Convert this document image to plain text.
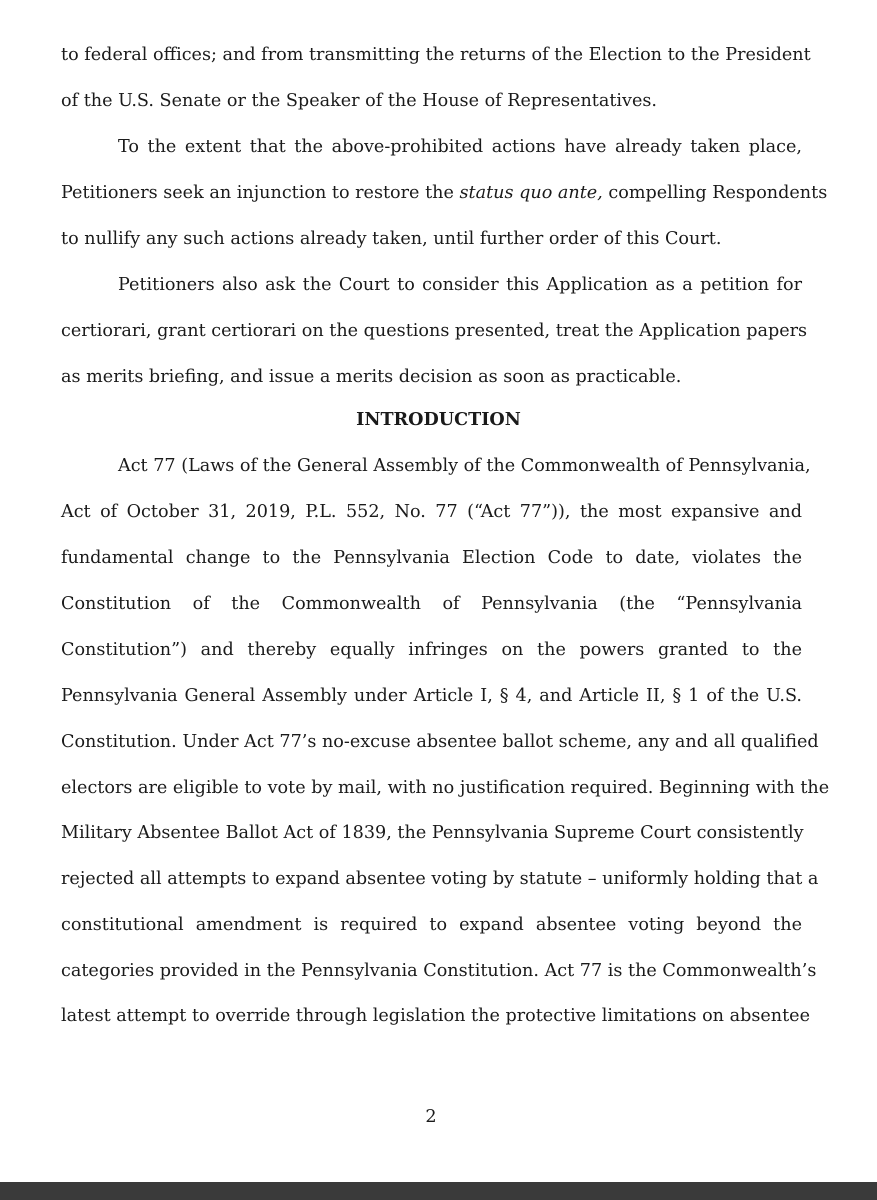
to federal offices; and from transmitting the returns of the Election to the President
of the U.S. Senate or the Speaker of the House of Representatives.
To the extent that the above-prohibited actions have already taken place,
Petitioners seek an injunction to restore the status quo ante, compelling Respondents
to nullify any such actions already taken, until further order of this Court.
Petitioners also ask the Court to consider this Application as a petition for
certiorari, grant certiorari on the questions presented, treat the Application papers
as merits briefing, and issue a merits decision as soon as practicable.
INTRODUCTION
Act 77 (Laws of the General Assembly of the Commonwealth of Pennsylvania,
Act of October 31, 2019, P.L. 552, No. 77 (“Act 77”)), the most expansive and
fundamental change to the Pennsylvania Election Code to date, violates the
Constitution of the Commonwealth of Pennsylvania (the “Pennsylvania
Constitution”) and thereby equally infringes on the powers granted to the
Pennsylvania General Assembly under Article I, § 4, and Article II, § 1 of the U.S.
Constitution. Under Act 77’s no-excuse absentee ballot scheme, any and all qualified
electors are eligible to vote by mail, with no justification required. Beginning with the
Military Absentee Ballot Act of 1839, the Pennsylvania Supreme Court consistently
rejected all attempts to expand absentee voting by statute – uniformly holding that a
constitutional amendment is required to expand absentee voting beyond the
categories provided in the Pennsylvania Constitution. Act 77 is the Commonwealth’s
latest attempt to override through legislation the protective limitations on absentee
2
